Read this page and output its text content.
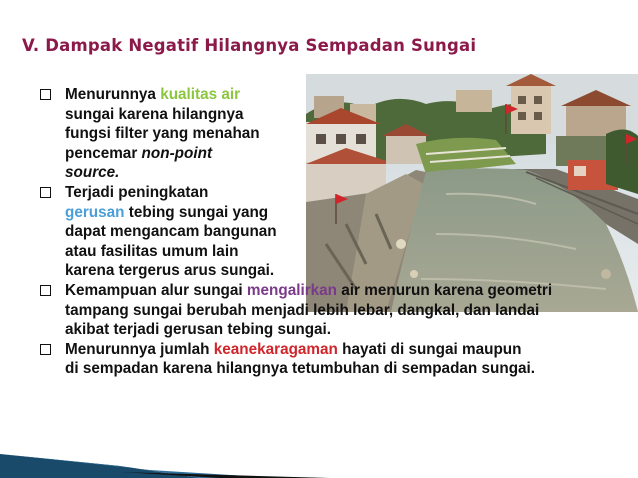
V. Dampak Negatif Hilangnya Sempadan Sungai
Menurunnya kualitas air
sungai karena hilangnya
fungsi filter yang menahan
pencemar non-point
source.
Terjadi peningkatan
gerusan tebing sungai yang
dapat mengancam bangunan
atau fasilitas umum lain
karena tergerus arus sungai.
Kemampuan alur sungai mengalirkan air menurun karena geometri
tampang sungai berubah menjadi lebih lebar, dangkal, dan landai
akibat terjadi gerusan tebing sungai.
Menurunnya jumlah keanekaragaman hayati di sungai maupun
di sempadan karena hilangnya tetumbuhan di sempadan sungai.
